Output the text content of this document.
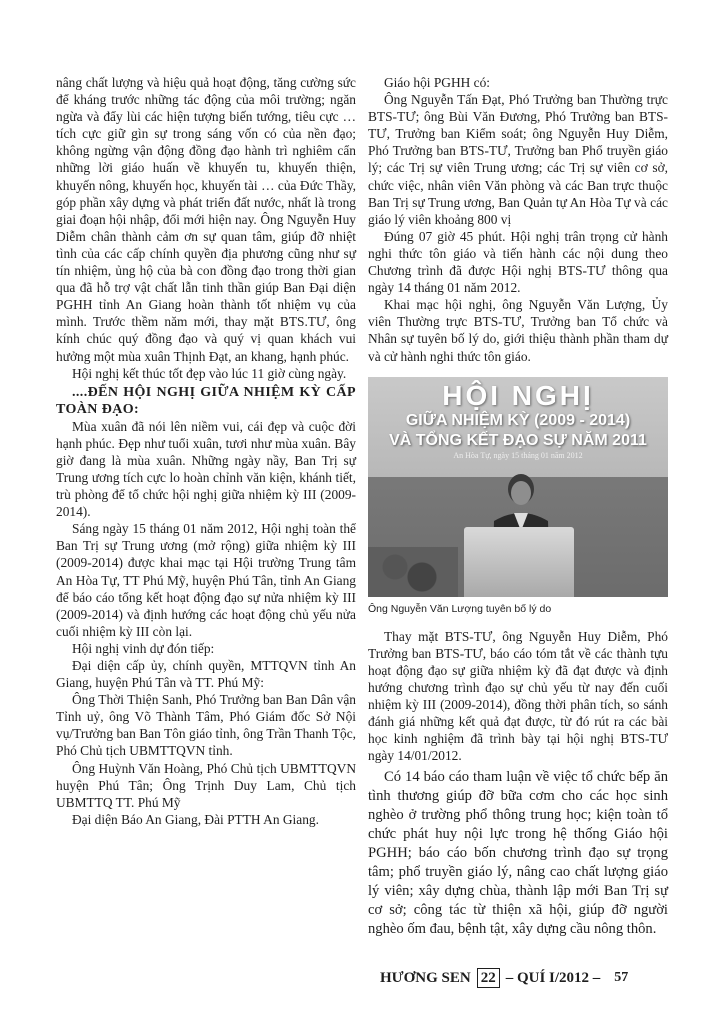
nâng chất lượng và hiệu quả hoạt động, tăng cường sức để kháng trước những tác động của môi trường; ngăn ngừa và đẩy lùi các hiện tượng biến tướng, tiêu cực … tích cực giữ gìn sự trong sáng vốn có của nền đạo; không ngừng vận động đồng đạo hành trì nghiêm cẩn những lời giáo huấn về khuyến tu, khuyến thiện, khuyến nông, khuyến học, khuyến tài … của Đức Thầy, góp phần xây dựng và phát triển đất nước, nhất là trong giai đoạn hội nhập, đổi mới hiện nay. Ông Nguyễn Huy Diễm chân thành cảm ơn sự quan tâm, giúp đỡ nhiệt tình của các cấp chính quyền địa phương cũng như sự tín nhiệm, ủng hộ của bà con đồng đạo trong thời gian qua đã hỗ trợ vật chất lẫn tinh thần giúp Ban Đại diện PGHH tỉnh An Giang hoàn thành tốt nhiệm vụ của mình. Trước thềm năm mới, thay mặt BTS.TƯ, ông kính chúc quý đồng đạo và quý vị quan khách vui hưởng một mùa xuân Thịnh Đạt, an khang, hạnh phúc.

Hội nghị kết thúc tốt đẹp vào lúc 11 giờ cùng ngày.

....ĐẾN HỘI NGHỊ GIỮA NHIỆM KỲ CẤP TOÀN ĐẠO:

Mùa xuân đã nói lên niềm vui, cái đẹp và cuộc đời hạnh phúc. Đẹp như tuổi xuân, tươi như mùa xuân. Bây giờ đang là mùa xuân. Những ngày nầy, Ban Trị sự Trung ương tích cực lo hoàn chỉnh văn kiện, khánh tiết, trù phòng để tổ chức hội nghị giữa nhiệm kỳ III (2009-2014).

Sáng ngày 15 tháng 01 năm 2012, Hội nghị toàn thể Ban Trị sự Trung ương (mở rộng) giữa nhiệm kỳ III (2009-2014) được khai mạc tại Hội trường Trung tâm An Hòa Tự, TT Phú Mỹ, huyện Phú Tân, tỉnh An Giang để báo cáo tổng kết hoạt động đạo sự nửa nhiệm kỳ III (2009-2014) và định hướng các hoạt động chủ yếu nửa cuối nhiệm kỳ III còn lại.

Hội nghị vinh dự đón tiếp:

Đại diện cấp ủy, chính quyền, MTTQVN tỉnh An Giang, huyện Phú Tân và TT. Phú Mỹ:

Ông Thời Thiện Sanh, Phó Trưởng ban Ban Dân vận Tỉnh uỷ, ông Võ Thành Tâm, Phó Giám đốc Sở Nội vụ/Trưởng ban Ban Tôn giáo tỉnh, ông Trần Thanh Tộc, Phó Chủ tịch UBMTTQVN tỉnh.

Ông Huỳnh Văn Hoàng, Phó Chủ tịch UBMTTQVN huyện Phú Tân; Ông Trịnh Duy Lam, Chủ tịch UBMTTQ TT. Phú Mỹ

Đại diện Báo An Giang, Đài PTTH An Giang.

Giáo hội PGHH có:

Ông Nguyễn Tấn Đạt, Phó Trưởng ban Thường trực BTS-TƯ; ông Bùi Văn Đương, Phó Trưởng ban BTS-TƯ, Trưởng ban Kiểm soát; ông Nguyễn Huy Diễm, Phó Trưởng ban BTS-TƯ, Trưởng ban Phổ truyền giáo lý; các Trị sự viên Trung ương; các Trị sự viên cơ sở, chức việc, nhân viên Văn phòng và các Ban trực thuộc Ban Trị sự Trung ương, Ban Quản tự An Hòa Tự và các giáo lý viên khoảng 800 vị

Đúng 07 giờ 45 phút. Hội nghị trân trọng cử hành nghi thức tôn giáo và tiến hành các nội dung theo Chương trình đã được Hội nghị BTS-TƯ thông qua ngày 14 tháng 01 năm 2012.

Khai mạc hội nghị, ông Nguyễn Văn Lượng, Ủy viên Thường trực BTS-TƯ, Trưởng ban Tổ chức và Nhân sự tuyên bố lý do, giới thiệu thành phần tham dự và cử hành nghi thức tôn giáo.

HỘI NGHỊ
GIỮA NHIỆM KỲ (2009 - 2014)
VÀ TỔNG KẾT ĐẠO SỰ NĂM 2011
An Hòa Tự, ngày 15 tháng 01 năm 2012
Ông Nguyễn Văn Lượng tuyên bố lý do

Thay mặt BTS-TƯ, ông Nguyễn Huy Diễm, Phó Trưởng ban BTS-TƯ, báo cáo tóm tắt về các thành tựu hoạt động đạo sự giữa nhiệm kỳ đã đạt được và định hướng chương trình đạo sự chủ yếu từ nay đến cuối nhiệm kỳ III (2009-2014), đồng thời phân tích, so sánh đánh giá những kết quả đạt được, từ đó rút ra các bài học kinh nghiệm đã trình bày tại hội nghị BTS-TƯ ngày 14/01/2012.

Có 14 báo cáo tham luận về việc tổ chức bếp ăn tình thương giúp đỡ bữa cơm cho các học sinh nghèo ở trường phổ thông trung học; kiện toàn tổ chức phát huy nội lực trong hệ thống Giáo hội PGHH; báo cáo bốn chương trình đạo sự trọng tâm; phổ truyền giáo lý, nâng cao chất lượng giáo lý viên; xây dựng chùa, thành lập mới Ban Trị sự cơ sở; công tác từ thiện xã hội, giúp đỡ người nghèo ốm đau, bệnh tật, xây dựng cầu nông thôn.

HƯƠNG SEN 22 – QUÍ I/2012 – 57
